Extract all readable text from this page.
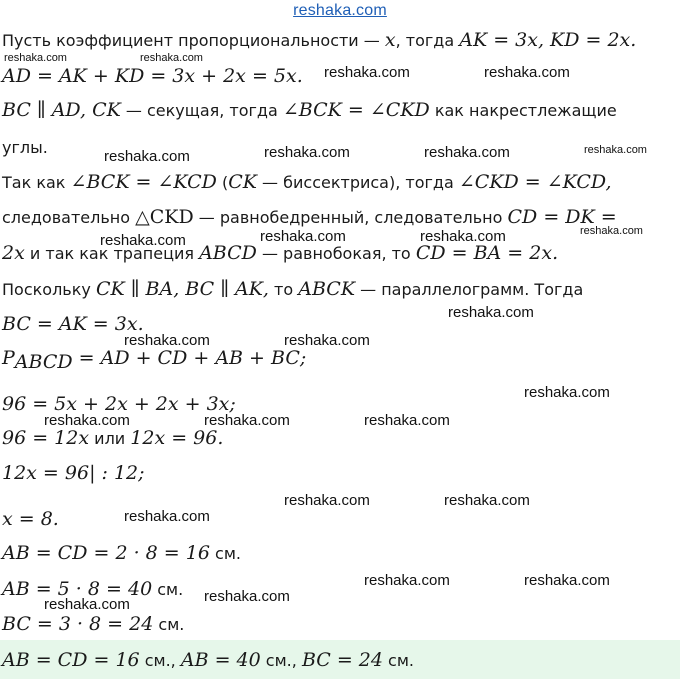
reshaka.com
Пусть коэффициент пропорциональности — x, тогда AK = 3x, KD = 2x.
AD = AK + KD = 3x + 2x = 5x.
BC ∥ AD, CK — секущая, тогда ∠BCK = ∠CKD как накрестлежащие
углы.
Так как ∠BCK = ∠KCD (CK — биссектриса), тогда ∠CKD = ∠KCD,
следовательно △CKD — равнобедренный, следовательно CD = DK =
2x и так как трапеция ABCD — равнобокая, то CD = BA = 2x.
Поскольку CK ∥ BA, BC ∥ AK, то ABCK — параллелограмм. Тогда
BC = AK = 3x.
$P_{ABCD}$ = AD + CD + AB + BC;
96 = 5x + 2x + 2x + 3x;
96 = 12x или 12x = 96.
12x = 96| : 12;
x = 8.
AB = CD = 2 · 8 = 16 см.
AB = 5 · 8 = 40 см.
BC = 3 · 8 = 24 см.
AB = CD = 16 см., AB = 40 см., BC = 24 см.
reshaka.com	reshaka.com
reshaka.com	reshaka.com
reshaka.com	reshaka.com	reshaka.com	reshaka.com
reshaka.com	reshaka.com	reshaka.com	reshaka.com
reshaka.com
reshaka.com	reshaka.com
reshaka.com
reshaka.com	reshaka.com	reshaka.com
reshaka.com	reshaka.com
reshaka.com
reshaka.com	reshaka.com
reshaka.com	reshaka.com
